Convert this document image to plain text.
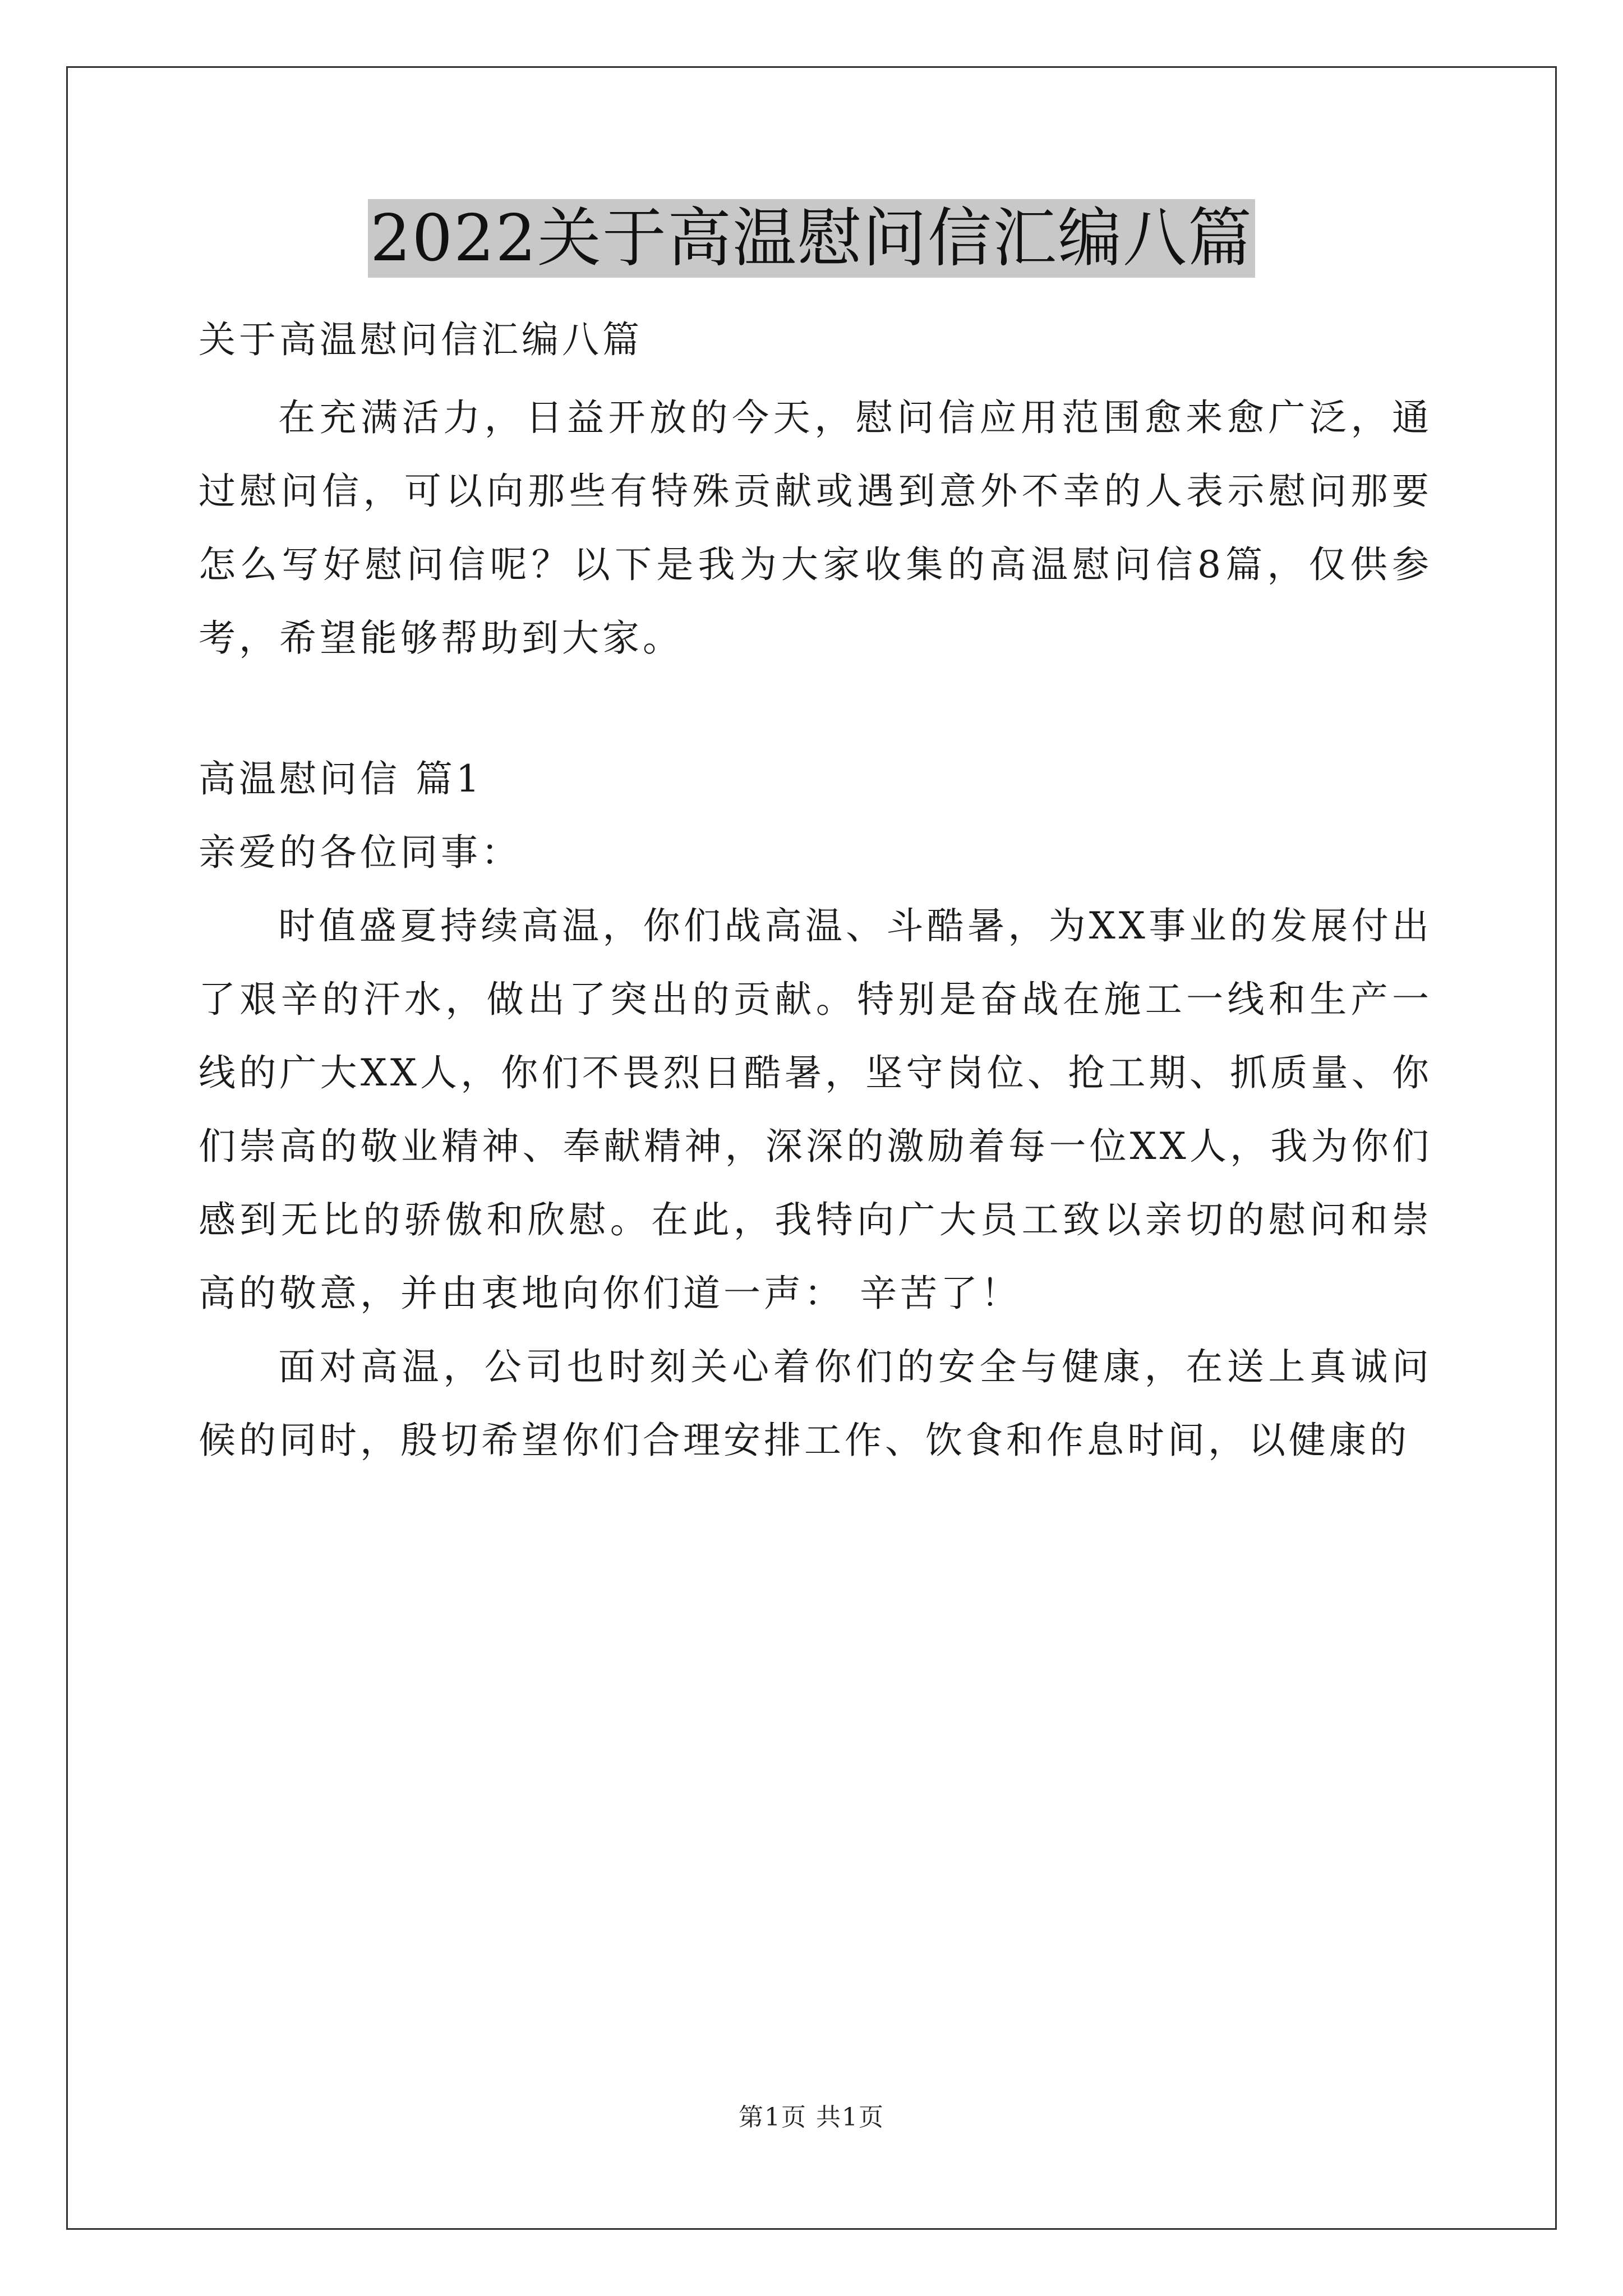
2022关于高温慰问信汇编八篇

关于高温慰问信汇编八篇

在充满活力，日益开放的今天，慰问信应用范围愈来愈广泛，通过慰问信，可以向那些有特殊贡献或遇到意外不幸的人表示慰问那要怎么写好慰问信呢？以下是我为大家收集的高温慰问信8篇，仅供参考，希望能够帮助到大家。

高温慰问信 篇1

亲爱的各位同事：

时值盛夏持续高温，你们战高温、斗酷暑，为XX事业的发展付出了艰辛的汗水，做出了突出的贡献。特别是奋战在施工一线和生产一线的广大XX人，你们不畏烈日酷暑，坚守岗位、抢工期、抓质量、你们崇高的敬业精神、奉献精神，深深的激励着每一位XX人，我为你们感到无比的骄傲和欣慰。在此，我特向广大员工致以亲切的慰问和崇高的敬意，并由衷地向你们道一声： 辛苦了！

面对高温，公司也时刻关心着你们的安全与健康，在送上真诚问候的同时，殷切希望你们合理安排工作、饮食和作息时间，以健康的

第1页 共1页
